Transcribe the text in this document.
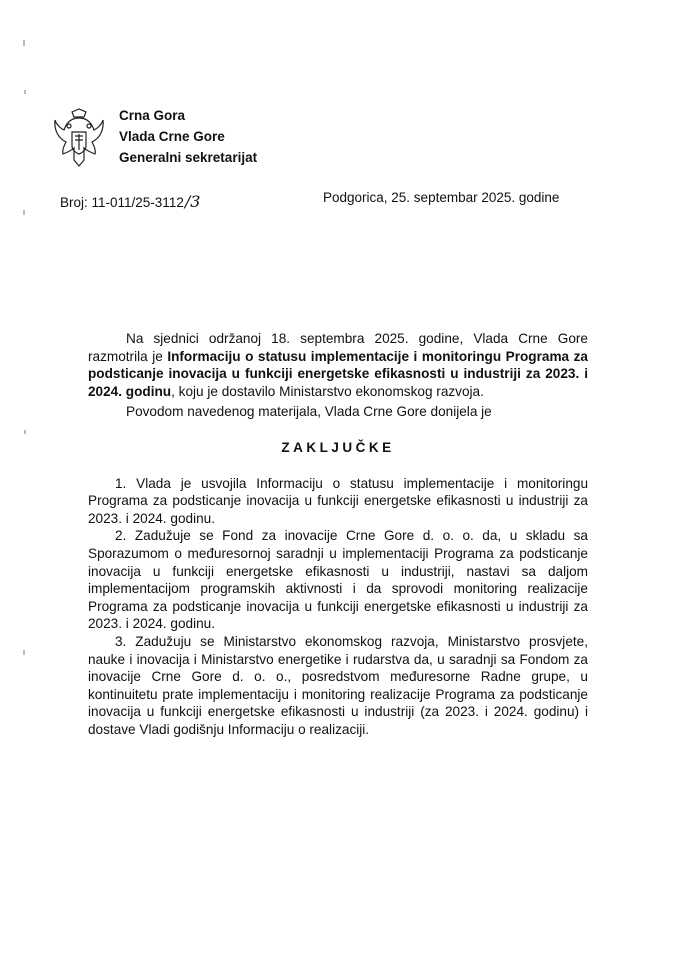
Crna Gora
Vlada Crne Gore
Generalni sekretarijat
Broj: 11-011/25-3112/3	Podgorica, 25. septembar 2025. godine

Na sjednici održanoj 18. septembra 2025. godine, Vlada Crne Gore razmotrila je Informaciju o statusu implementacije i monitoringu Programa za podsticanje inovacija u funkciji energetske efikasnosti u industriji za 2023. i 2024. godinu, koju je dostavilo Ministarstvo ekonomskog razvoja.

Povodom navedenog materijala, Vlada Crne Gore donijela je

ZAKLJUČKE

1. Vlada je usvojila Informaciju o statusu implementacije i monitoringu Programa za podsticanje inovacija u funkciji energetske efikasnosti u industriji za 2023. i 2024. godinu.

2. Zadužuje se Fond za inovacije Crne Gore d. o. o. da, u skladu sa Sporazumom o međuresornoj saradnji u implementaciji Programa za podsticanje inovacija u funkciji energetske efikasnosti u industriji, nastavi sa daljom implementacijom programskih aktivnosti i da sprovodi monitoring realizacije Programa za podsticanje inovacija u funkciji energetske efikasnosti u industriji za 2023. i 2024. godinu.

3. Zadužuju se Ministarstvo ekonomskog razvoja, Ministarstvo prosvjete, nauke i inovacija i Ministarstvo energetike i rudarstva da, u saradnji sa Fondom za inovacije Crne Gore d. o. o., posredstvom međuresorne Radne grupe, u kontinuitetu prate implementaciju i monitoring realizacije Programa za podsticanje inovacija u funkciji energetske efikasnosti u industriji (za 2023. i 2024. godinu) i dostave Vladi godišnju Informaciju o realizaciji.
